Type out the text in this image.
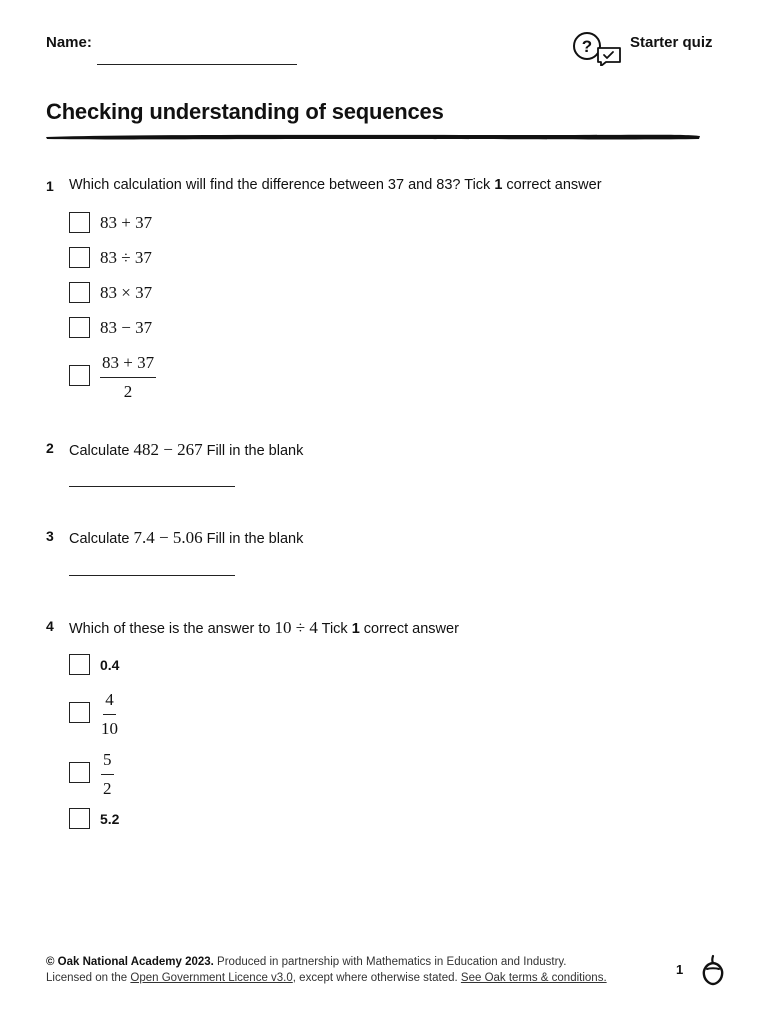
Name:	?	Starter quiz
Checking understanding of sequences
1 Which calculation will find the difference between 37 and 83? Tick 1 correct answer
83 + 37
83 ÷ 37
83 × 37
83 − 37
$\frac{83 + 37}{2}$
2 Calculate 482 − 267 Fill in the blank
3 Calculate 7.4 − 5.06 Fill in the blank
4 Which of these is the answer to 10 ÷ 4 Tick 1 correct answer
0.4
$\frac{4}{10}$
$\frac{5}{2}$
5.2
© Oak National Academy 2023. Produced in partnership with Mathematics in Education and Industry.
Licensed on the Open Government Licence v3.0, except where otherwise stated. See Oak terms & conditions.
1
